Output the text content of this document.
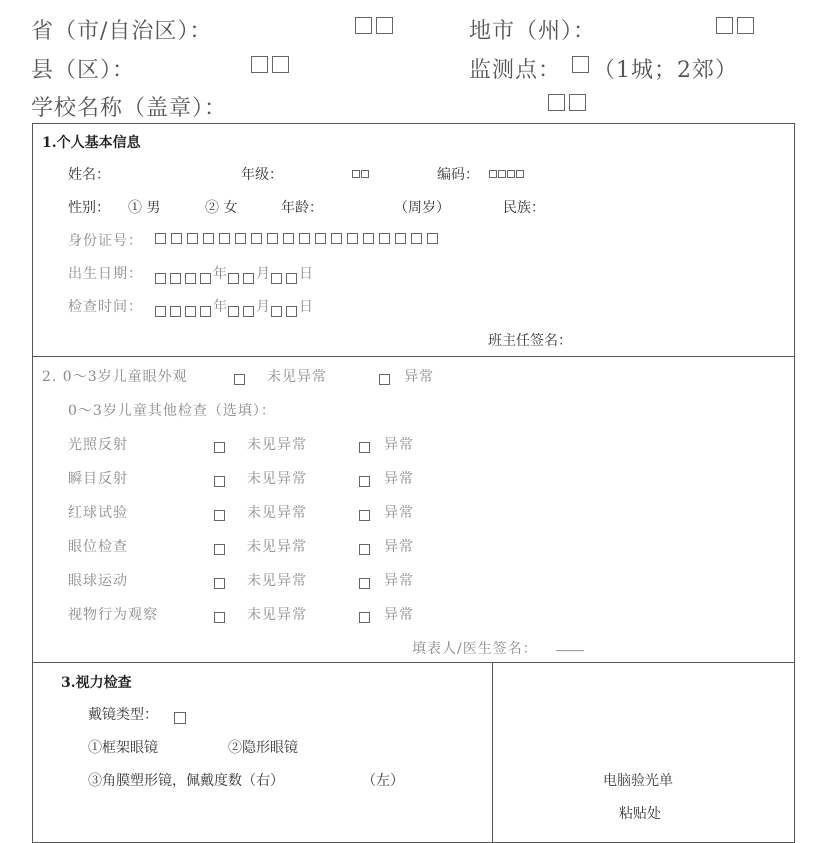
省（市/自治区）：	地市（州）：
县（区）：	监测点： （1城；2郊）
学校名称（盖章）：
1.个人基本信息
姓名：	年级：	编码：
性别： ① 男	② 女	年龄：	（周岁）	民族：
身份证号：
出生日期：	年 月 日
检查时间：	年 月 日
班主任签名：
2. 0～3岁儿童眼外观	未见异常	异常
0～3岁儿童其他检查（选填）：
光照反射	未见异常	异常
瞬目反射	未见异常	异常
红球试验	未见异常	异常
眼位检查	未见异常	异常
眼球运动	未见异常	异常
视物行为观察	未见异常	异常
填表人/医生签名： ____
3.视力检查
戴镜类型：
①框架眼镜	②隐形眼镜
③角膜塑形镜，佩戴度数（右）	（左）	电脑验光单
粘贴处
